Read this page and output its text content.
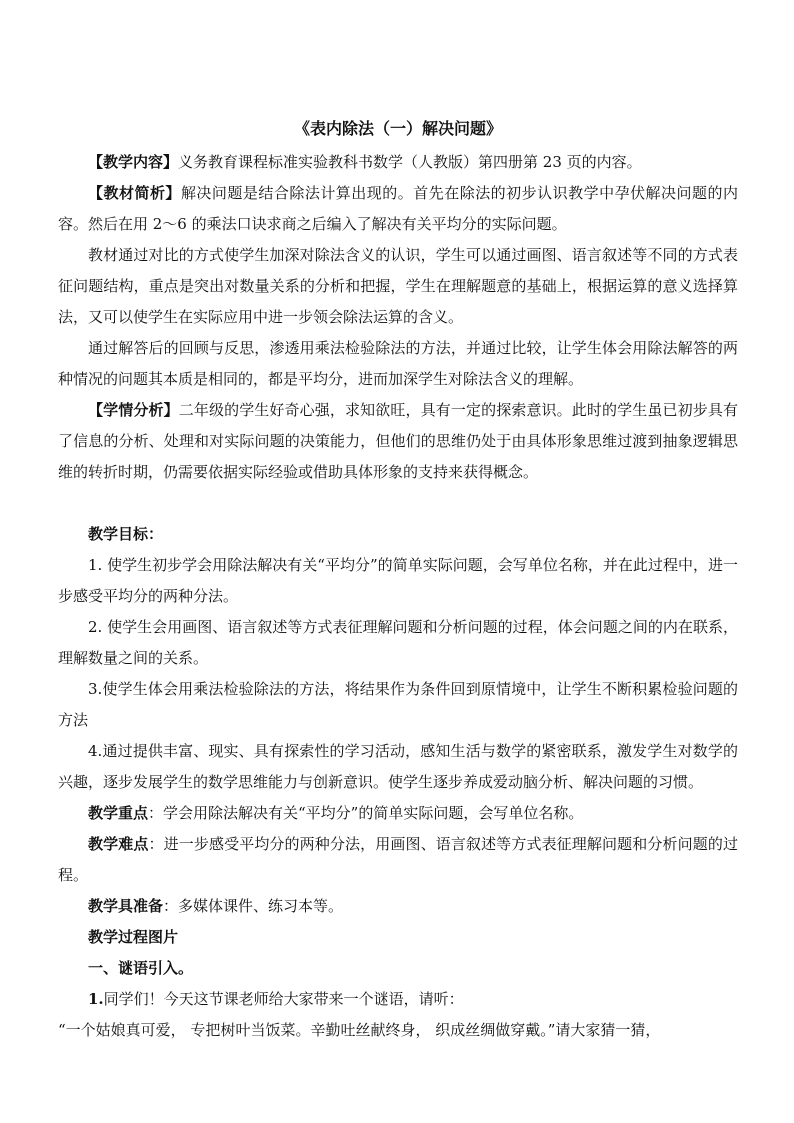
《表内除法（一）解决问题》

【教学内容】义务教育课程标准实验教科书数学（人教版）第四册第 23 页的内容。

【教材简析】解决问题是结合除法计算出现的。首先在除法的初步认识教学中孕伏解决问题的内容。然后在用 2～6 的乘法口诀求商之后编入了解决有关平均分的实际问题。

教材通过对比的方式使学生加深对除法含义的认识，学生可以通过画图、语言叙述等不同的方式表征问题结构，重点是突出对数量关系的分析和把握，学生在理解题意的基础上，根据运算的意义选择算法，又可以使学生在实际应用中进一步领会除法运算的含义。

通过解答后的回顾与反思，渗透用乘法检验除法的方法，并通过比较，让学生体会用除法解答的两种情况的问题其本质是相同的，都是平均分，进而加深学生对除法含义的理解。

【学情分析】二年级的学生好奇心强，求知欲旺，具有一定的探索意识。此时的学生虽已初步具有了信息的分析、处理和对实际问题的决策能力，但他们的思维仍处于由具体形象思维过渡到抽象逻辑思维的转折时期，仍需要依据实际经验或借助具体形象的支持来获得概念。

教学目标：

1. 使学生初步学会用除法解决有关“平均分”的简单实际问题，会写单位名称，并在此过程中，进一步感受平均分的两种分法。

2. 使学生会用画图、语言叙述等方式表征理解问题和分析问题的过程，体会问题之间的内在联系，理解数量之间的关系。

3.使学生体会用乘法检验除法的方法，将结果作为条件回到原情境中，让学生不断积累检验问题的方法

4.通过提供丰富、现实、具有探索性的学习活动，感知生活与数学的紧密联系，激发学生对数学的兴趣，逐步发展学生的数学思维能力与创新意识。使学生逐步养成爱动脑分析、解决问题的习惯。

教学重点：学会用除法解决有关“平均分”的简单实际问题，会写单位名称。

教学难点：进一步感受平均分的两种分法，用画图、语言叙述等方式表征理解问题和分析问题的过程。

教学具准备：多媒体课件、练习本等。

教学过程图片

一、谜语引入。

1.同学们！今天这节课老师给大家带来一个谜语，请听：

“一个姑娘真可爱， 专把树叶当饭菜。辛勤吐丝献终身， 织成丝绸做穿戴。”请大家猜一猜，
